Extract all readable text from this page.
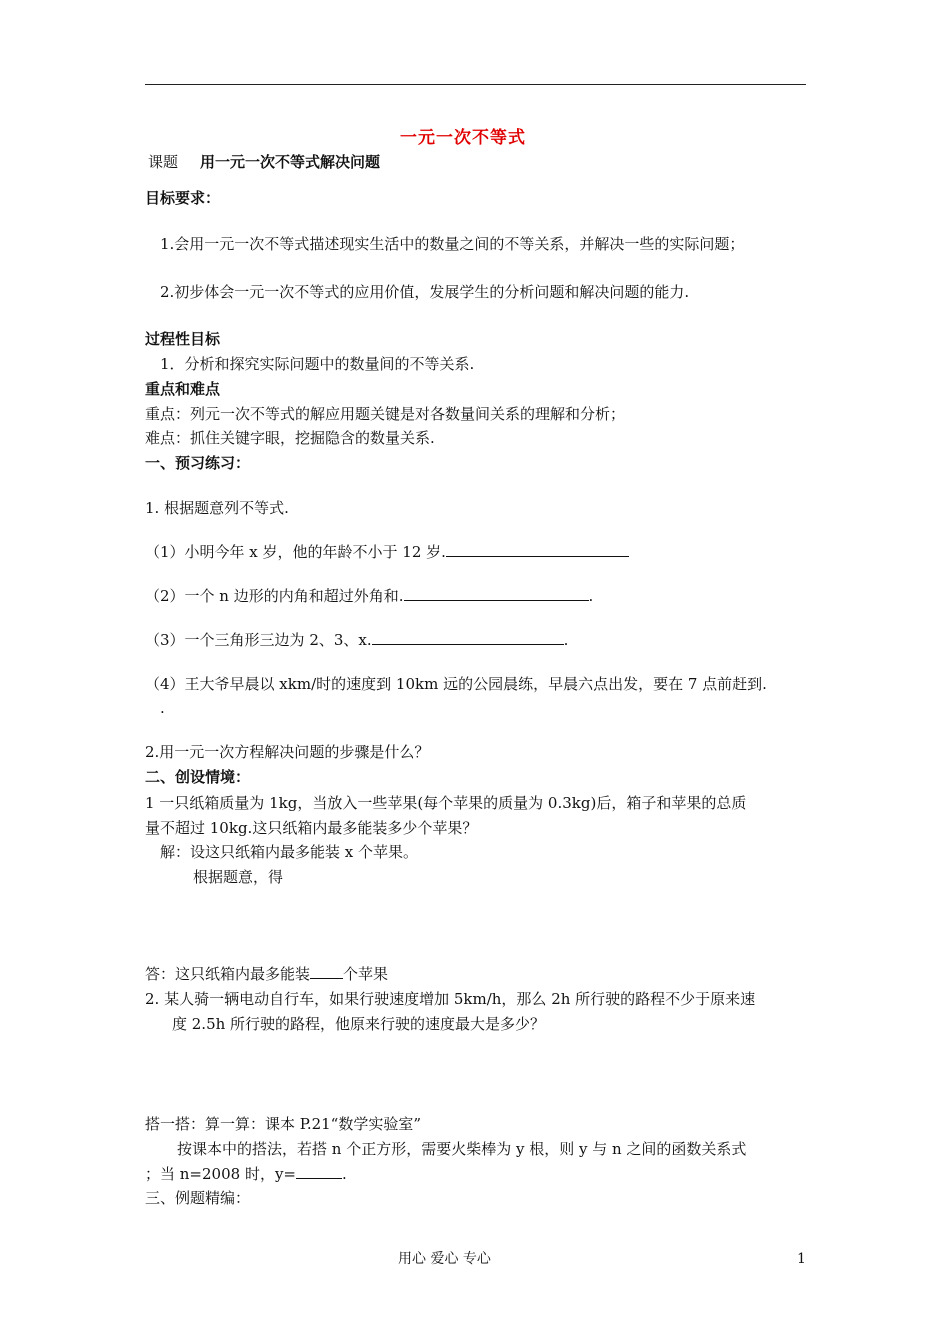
一元一次不等式
课题 用一元一次不等式解决问题
目标要求：
1.会用一元一次不等式描述现实生活中的数量之间的不等关系，并解决一些的实际问题；
2.初步体会一元一次不等式的应用价值，发展学生的分析问题和解决问题的能力.
过程性目标
1．分析和探究实际问题中的数量间的不等关系.
重点和难点
重点：列元一次不等式的解应用题关键是对各数量间关系的理解和分析；
难点：抓住关键字眼，挖掘隐含的数量关系.
一、预习练习：
1. 根据题意列不等式.
（1）小明今年 x 岁，他的年龄不小于 12 岁.
（2）一个 n 边形的内角和超过外角和.	.
（3）一个三角形三边为 2、3、x.	.
（4）王大爷早晨以 xkm/时的速度到 10km 远的公园晨练，早晨六点出发，要在 7 点前赶到.
.
2.用一元一次方程解决问题的步骤是什么？
二、创设情境：
1 一只纸箱质量为 1kg，当放入一些苹果(每个苹果的质量为 0.3kg)后，箱子和苹果的总质
量不超过 10kg.这只纸箱内最多能装多少个苹果？
解：设这只纸箱内最多能装 x 个苹果。
根据题意，得
答：这只纸箱内最多能装 个苹果
2. 某人骑一辆电动自行车，如果行驶速度增加 5km/h，那么 2h 所行驶的路程不少于原来速
度 2.5h 所行驶的路程，他原来行驶的速度最大是多少？
搭一搭：算一算：课本 P.21“数学实验室”
按课本中的搭法，若搭 n 个正方形，需要火柴棒为 y 根，则 y 与 n 之间的函数关系式
；当 n=2008 时，y=	.
三、例题精编：
用心 爱心 专心	1
